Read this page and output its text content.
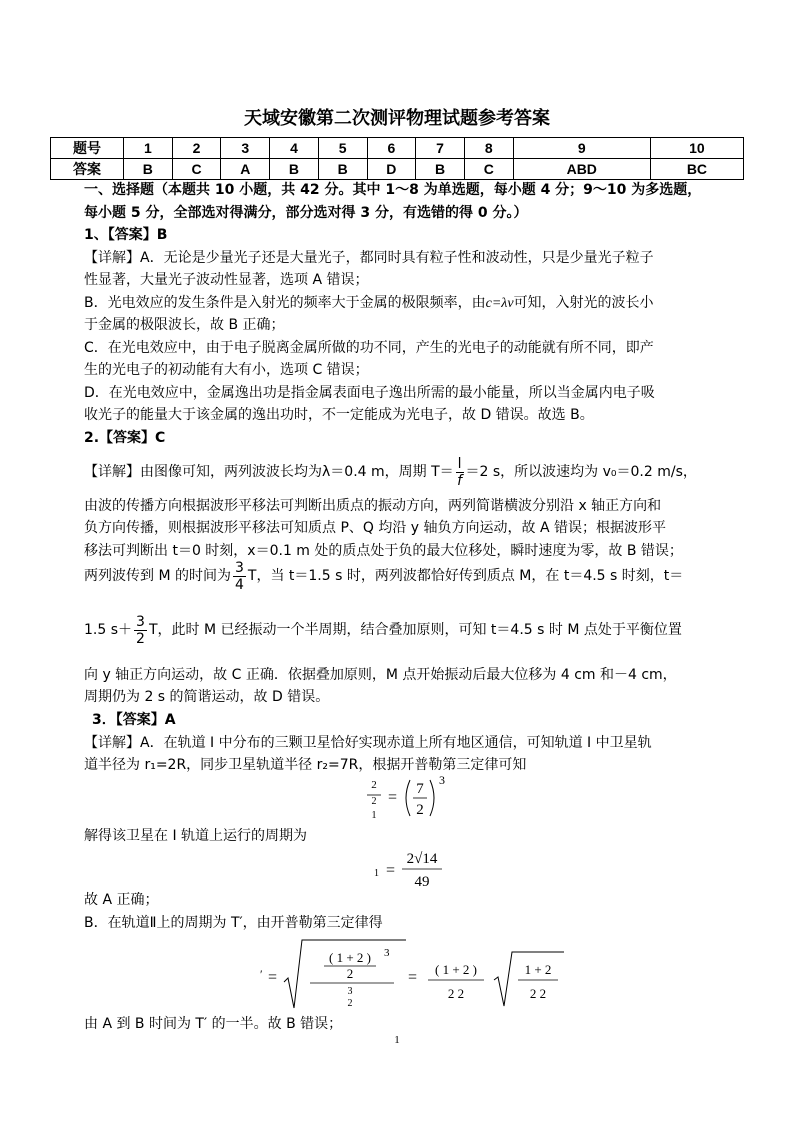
天域安徽第二次测评物理试题参考答案
题号	1	2	3	4	5	6	7	8	9	10
答案	B	C	A	B	B	D	B	C	ABD	BC
一、选择题（本题共 10 小题，共 42 分。其中 1～8 为单选题，每小题 4 分；9～10 为多选题，
每小题 5 分，全部选对得满分，部分选对得 3 分，有选错的得 0 分。）
1、【答案】B
【详解】A．无论是少量光子还是大量光子，都同时具有粒子性和波动性，只是少量光子粒子
性显著，大量光子波动性显著，选项 A 错误；
B．光电效应的发生条件是入射光的频率大于金属的极限频率，由c=λν可知，入射光的波长小
于金属的极限波长，故 B 正确；
C．在光电效应中，由于电子脱离金属所做的功不同，产生的光电子的动能就有所不同，即产
生的光电子的初动能有大有小，选项 C 错误；
D．在光电效应中，金属逸出功是指金属表面电子逸出所需的最小能量，所以当金属内电子吸
收光子的能量大于该金属的逸出功时，不一定能成为光电子，故 D 错误。故选 B。
2.【答案】C
【详解】由图像可知，两列波波长均为λ＝0.4 m，周期 $T= \frac{l}{f} =2$ s，所以波速均为 v₀＝0.2 m/s，
由波的传播方向根据波形平移法可判断出质点的振动方向，两列简谐横波分别沿 x 轴正方向和
负方向传播，则根据波形平移法可知质点 P、Q 均沿 y 轴负方向运动，故 A 错误；根据波形平
移法可判断出 t＝0 时刻，x＝0.1 m 处的质点处于负的最大位移处，瞬时速度为零，故 B 错误；
两列波传到 M 的时间为 $\frac{3}{4}$ T，当 t＝1.5 s 时，两列波都恰好传到质点 M，在 t＝4.5 s 时刻，t＝
1.5 $s+ \frac{3}{2}$ T，此时 M 已经振动一个半周期，结合叠加原则，可知 t＝4.5 s 时 M 点处于平衡位置
向 y 轴正方向运动，故 C 正确．依据叠加原则，M 点开始振动后最大位移为 4 cm 和－4 cm，
周期仍为 2 s 的简谐运动，故 D 错误。
3．【答案】A
【详解】A．在轨道 I 中分布的三颗卫星恰好实现赤道上所有地区通信，可知轨道 I 中卫星轨
道半径为 r₁=2R，同步卫星轨道半径 r₂=7R，根据开普勒第三定律可知
2
2
1
= 7
2
3
解得该卫星在 I 轨道上运行的周期为
1 =
2√14
49
故 A 正确；
B．在轨道Ⅱ上的周期为 T′，由开普勒第三定律得
′ =
( 1 + 2 )
2
3
3
2
= ( 1 + 2 )
2 2
1 + 2
2 2
由 A 到 B 时间为 T′ 的一半。故 B 错误；
1
